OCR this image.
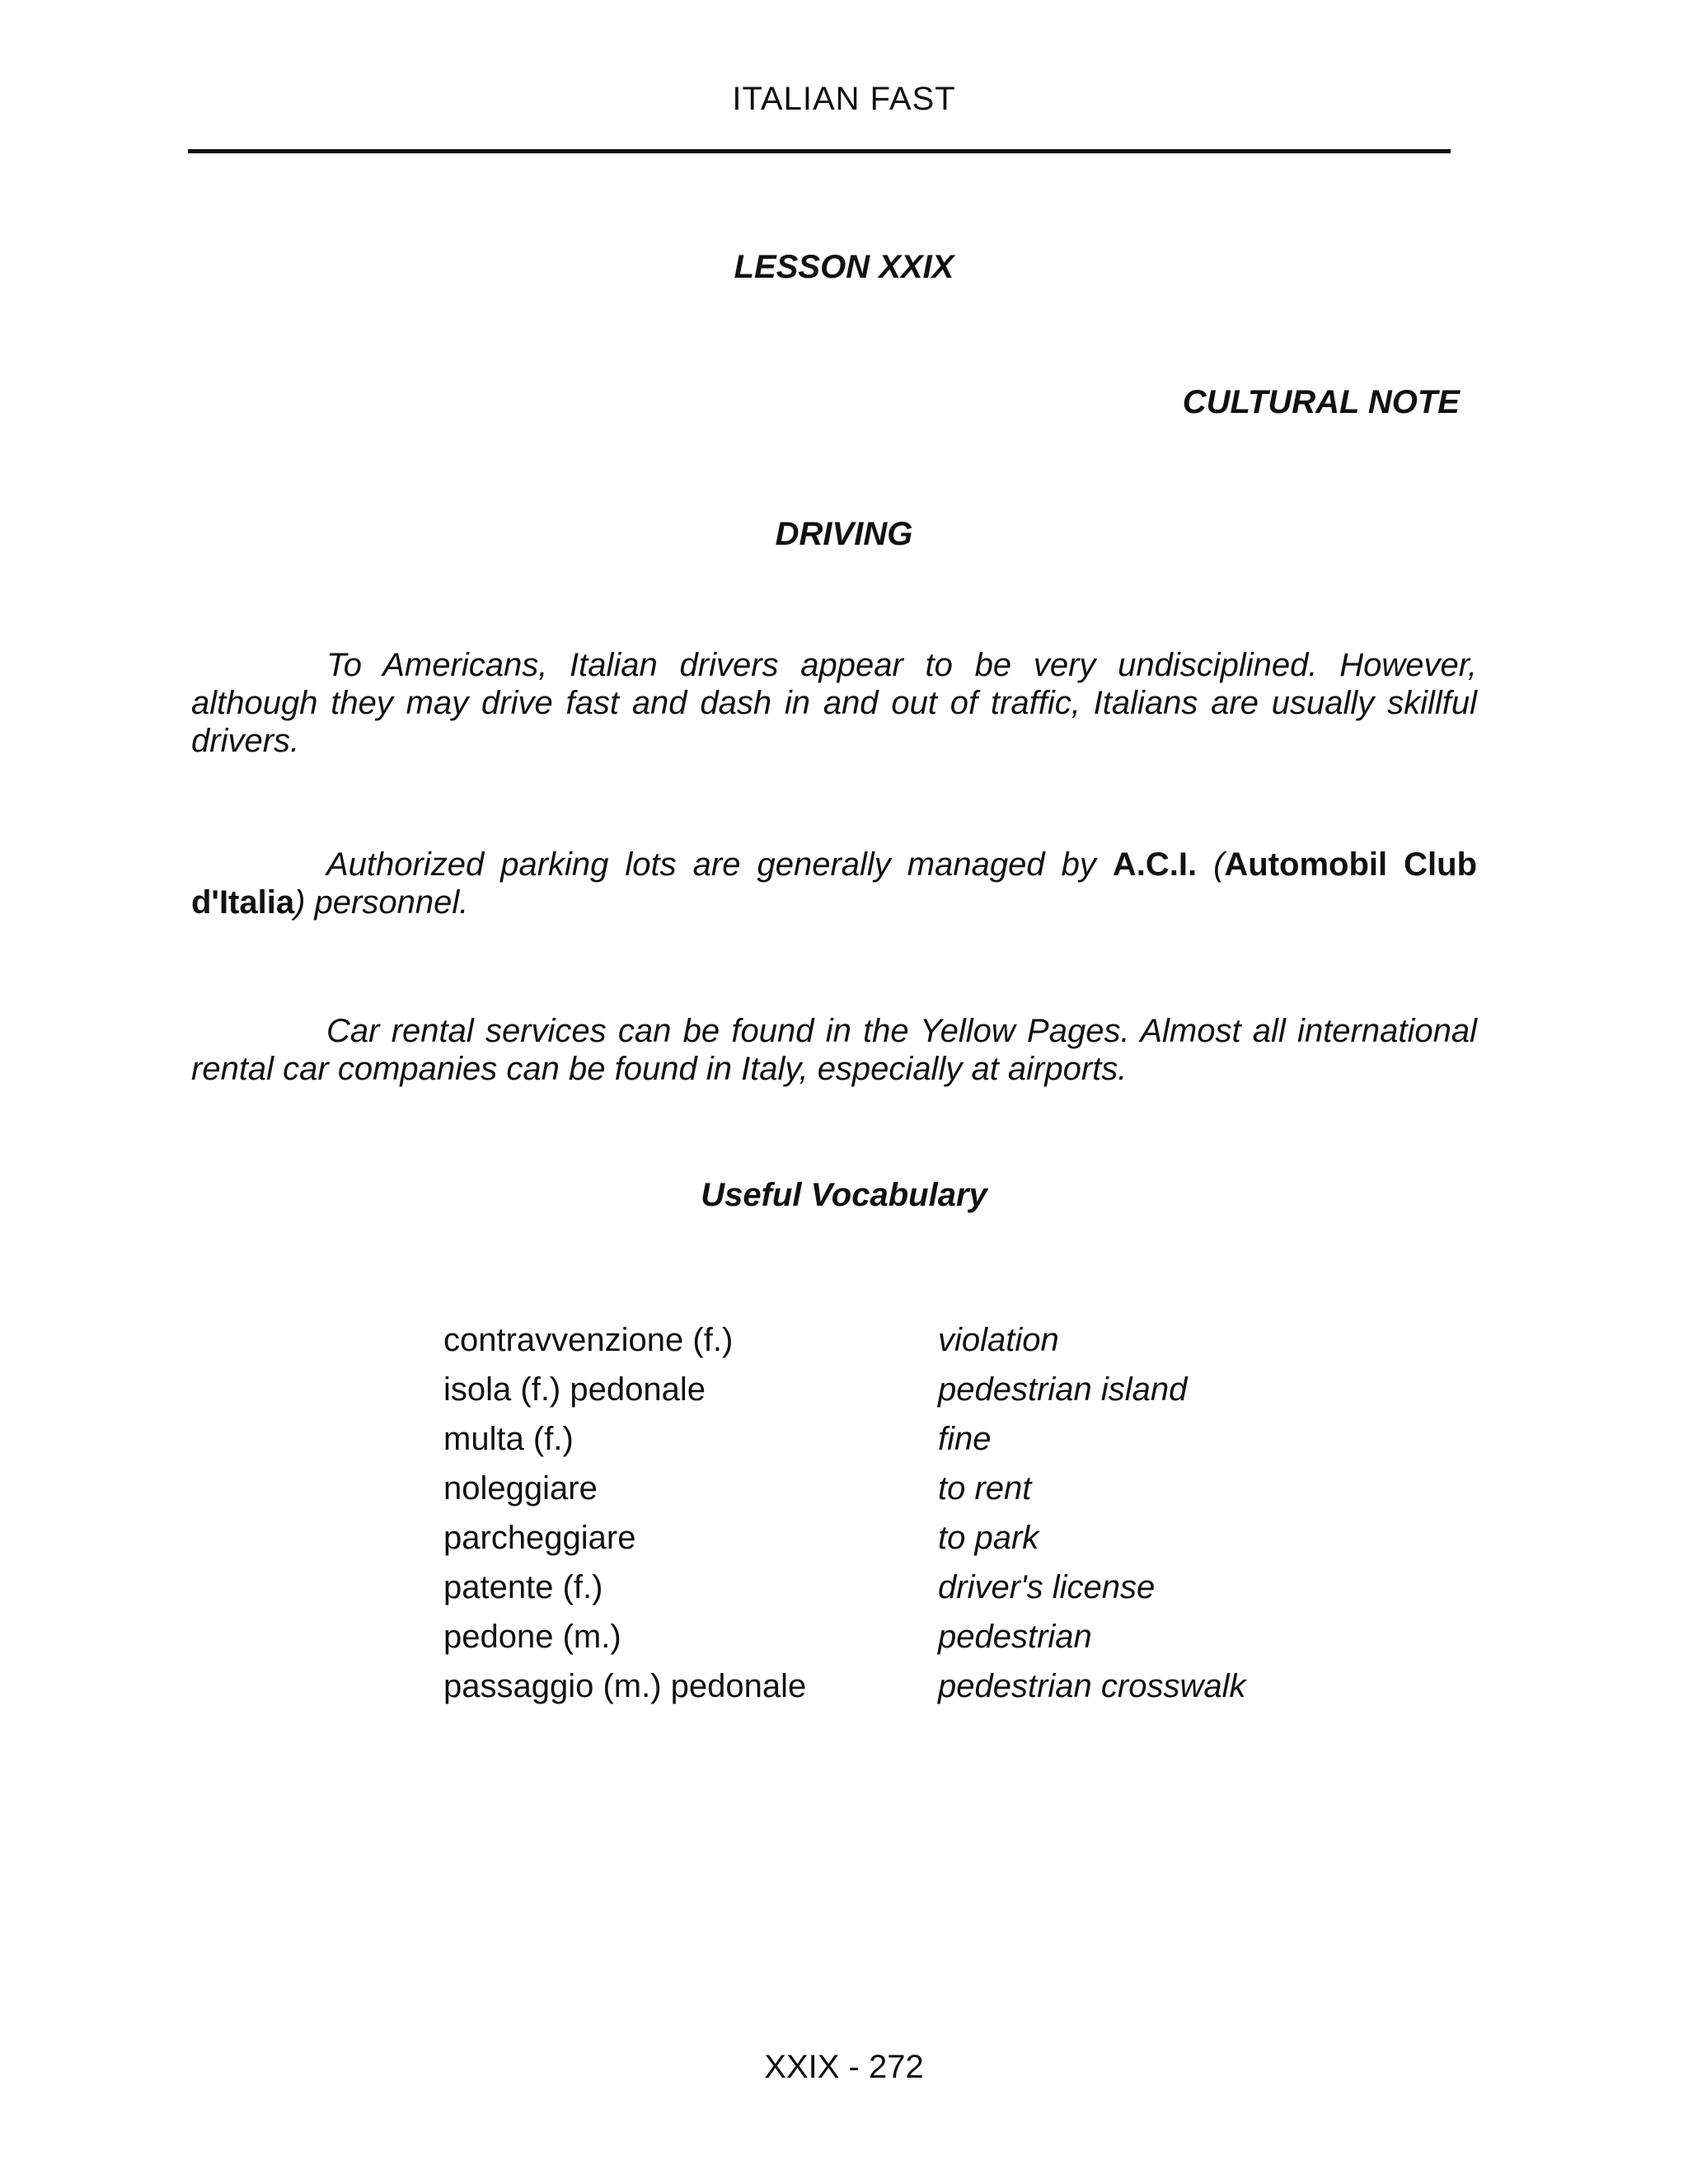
ITALIAN FAST
LESSON XXIX
CULTURAL NOTE
DRIVING

To Americans, Italian drivers appear to be very undisciplined. However, although they may drive fast and dash in and out of traffic, Italians are usually skillful drivers.

Authorized parking lots are generally managed by A.C.I. (Automobil Club d'Italia) personnel.

Car rental services can be found in the Yellow Pages. Almost all international rental car companies can be found in Italy, especially at airports.

Useful Vocabulary
contravvenzione (f.)	violation
isola (f.) pedonale	pedestrian island
multa (f.)	fine
noleggiare	to rent
parcheggiare	to park
patente (f.)	driver's license
pedone (m.)	pedestrian
passaggio (m.) pedonale	pedestrian crosswalk
XXIX - 272
